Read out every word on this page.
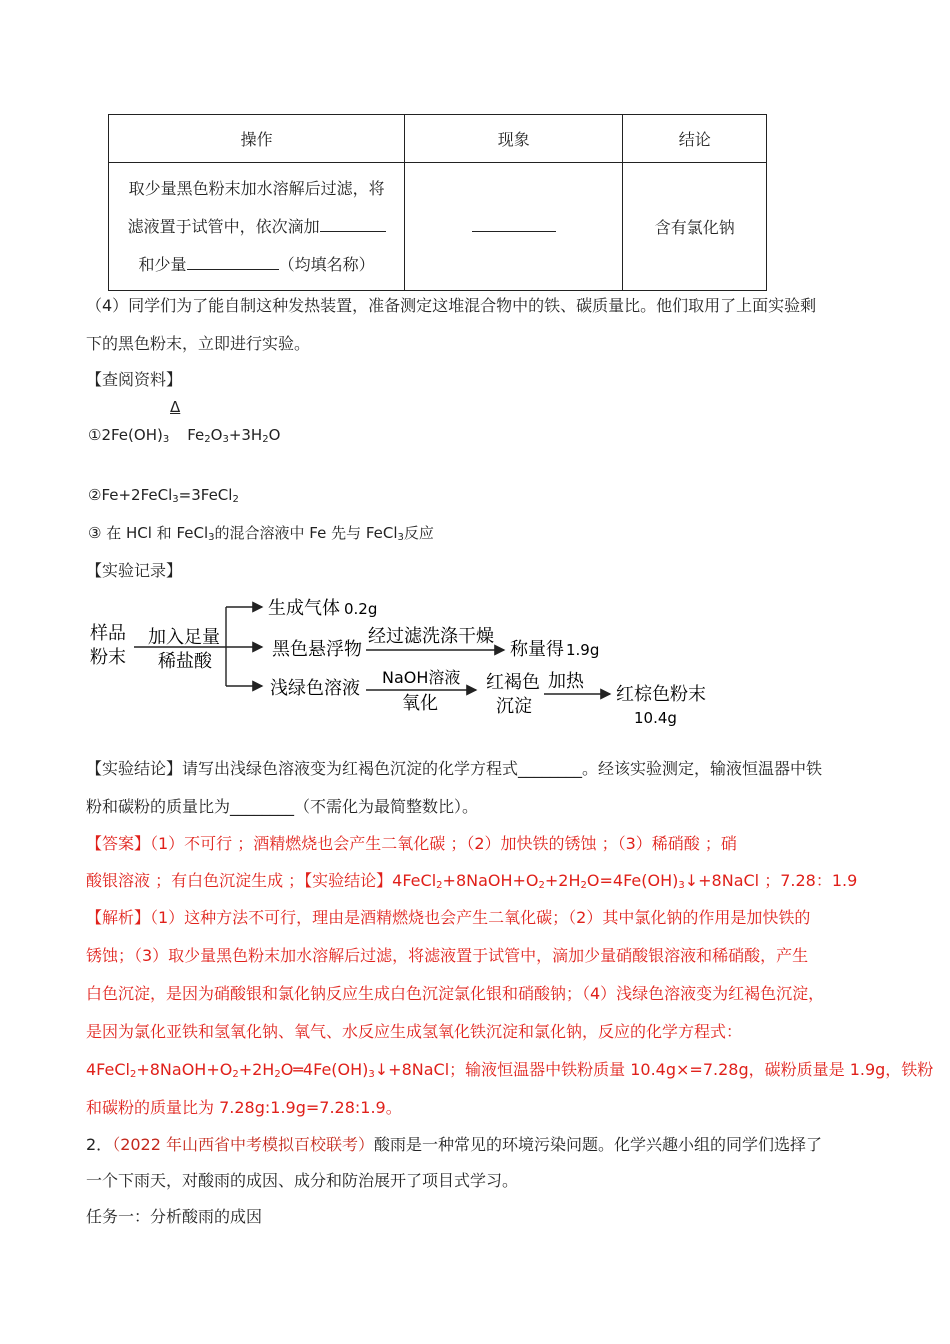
操作	现象	结论

取少量黑色粉末加水溶解后过滤，将
滤液置于试管中，依次滴加
和少量 （均填名称）		含有氯化钠
（4）同学们为了能自制这种发热装置，准备测定这堆混合物中的铁、碳质量比。他们取用了上面实验剩
下的黑色粉末，立即进行实验。
【查阅资料】
Δ
$①2Fe(OH)_3$ $Fe_2O_3+3H_2O$
②Fe+2FeCl$_3$=3FeCl$_2$
③ 在 HCl 和 FeCl$_3$的混合溶液中 Fe 先与 FeCl$_3$反应
【实验记录】
样品
粉末
加入足量
稀盐酸
生成气体 0.2g
黑色悬浮物
经过滤洗涤干燥
称量得 1.9g
浅绿色溶液
NaOH溶液
氧化
红褐色
沉淀
加热
红棕色粉末
10.4g
【实验结论】请写出浅绿色溶液变为红褐色沉淀的化学方程式________。经该实验测定，输液恒温器中铁
粉和碳粉的质量比为________（不需化为最简整数比）。
【答案】（1）不可行 ；酒精燃烧也会产生二氧化碳 ；（2）加快铁的锈蚀 ；（3）稀硝酸 ；硝
酸银溶液 ；有白色沉淀生成 ；【实验结论】$4FeCl_2+8NaOH+O_2+2H_2O=4Fe(OH)_3↓+8NaCl$ ；7.28：1.9
【解析】（1）这种方法不可行，理由是酒精燃烧也会产生二氧化碳；（2）其中氯化钠的作用是加快铁的
锈蚀；（3）取少量黑色粉末加水溶解后过滤，将滤液置于试管中，滴加少量硝酸银溶液和稀硝酸，产生
白色沉淀，是因为硝酸银和氯化钠反应生成白色沉淀氯化银和硝酸钠；（4）浅绿色溶液变为红褐色沉淀，
是因为氯化亚铁和氢氧化钠、氧气、水反应生成氢氧化铁沉淀和氯化钠，反应的化学方程式：
$4FeCl_2+8NaOH+O_2+2H_2O═4Fe(OH)_3↓+8NaCl$；输液恒温器中铁粉质量 10.4g×=7.28g，碳粉质量是 1.9g，铁粉
和碳粉的质量比为 7.28g:1.9g=7.28:1.9。
2．（2022 年山西省中考模拟百校联考）酸雨是一种常见的环境污染问题。化学兴趣小组的同学们选择了
一个下雨天，对酸雨的成因、成分和防治展开了项目式学习。
任务一：分析酸雨的成因
